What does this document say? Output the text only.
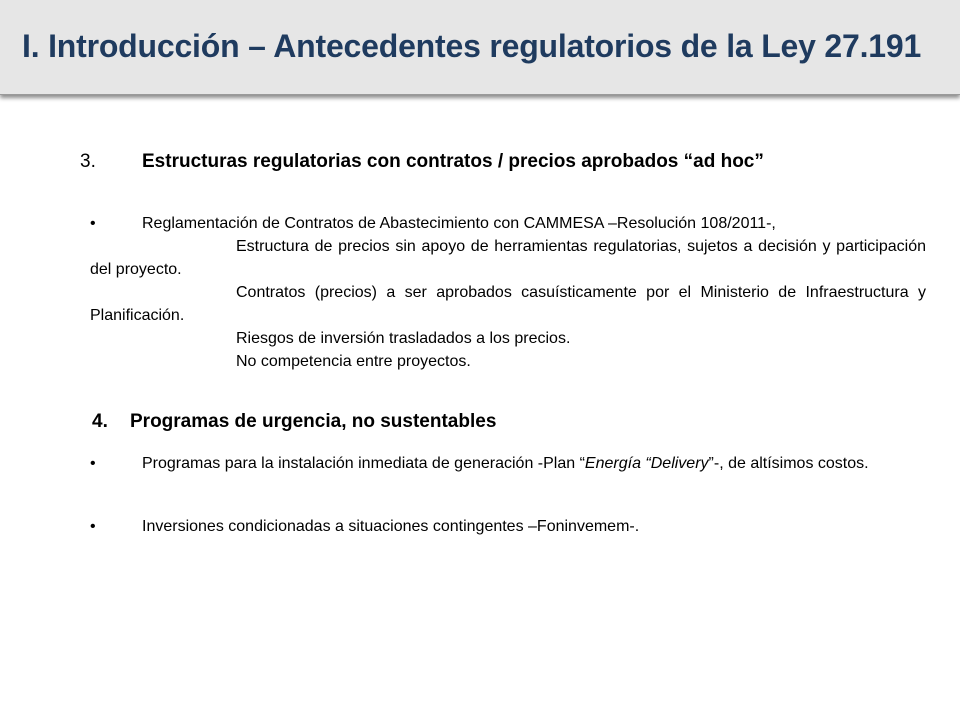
I. Introducción – Antecedentes regulatorios de la Ley 27.191
3. Estructuras regulatorias con contratos / precios aprobados “ad hoc”
•	Reglamentación de Contratos de Abastecimiento con CAMMESA –Resolución 108/2011-,
Estructura de precios sin apoyo de herramientas regulatorias, sujetos a decisión y participación del proyecto.
Contratos (precios) a ser aprobados casuísticamente por el Ministerio de Infraestructura y Planificación.
Riesgos de inversión trasladados a los precios.
No competencia entre proyectos.
4. Programas de urgencia, no sustentables
•	Programas para la instalación inmediata de generación -Plan “Energía “Delivery”-, de altísimos costos.
•	Inversiones condicionadas a situaciones contingentes –Foninvemem-.
